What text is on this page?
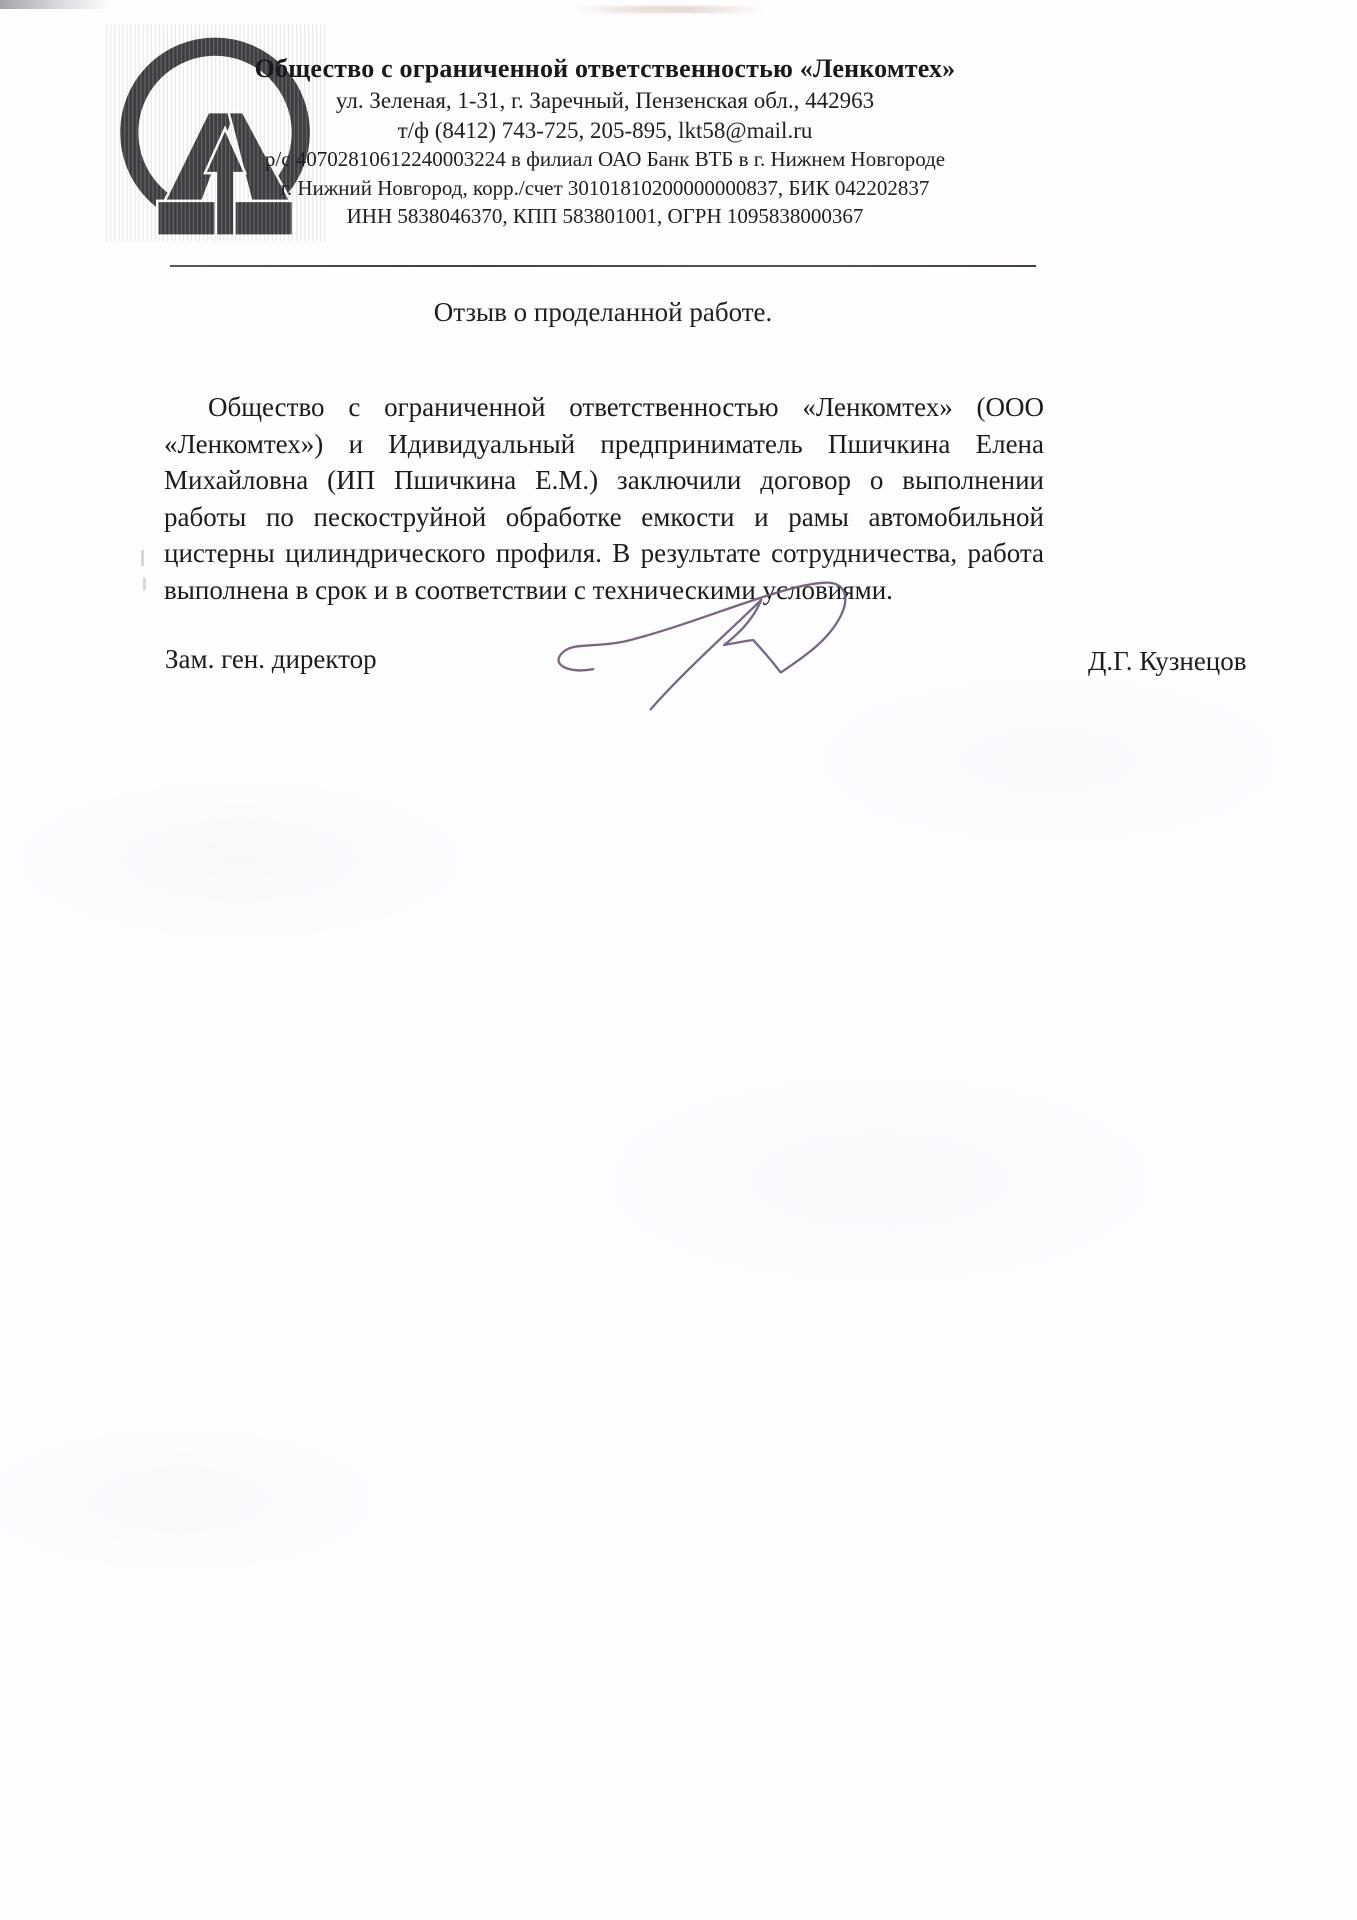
Общество с ограниченной ответственностью «Ленкомтех»
ул. Зеленая, 1-31, г. Заречный, Пензенская обл., 442963
т/ф (8412) 743-725, 205-895, lkt58@mail.ru
р/с 40702810612240003224 в филиал ОАО Банк ВТБ в г. Нижнем Новгороде
г. Нижний Новгород, корр./счет 30101810200000000837, БИК 042202837
ИНН 5838046370, КПП 583801001, ОГРН 1095838000367
Отзыв о проделанной работе.
Общество с ограниченной ответственностью «Ленкомтех» (ООО «Ленкомтех») и Идивидуальный предприниматель Пшичкина Елена Михайловна (ИП Пшичкина Е.М.) заключили договор о выполнении работы по пескоструйной обработке емкости и рамы автомобильной цистерны цилиндрического профиля. В результате сотрудничества, работа выполнена в срок и в соответствии с техническими условиями.
Зам. ген. директор	Д.Г. Кузнецов
